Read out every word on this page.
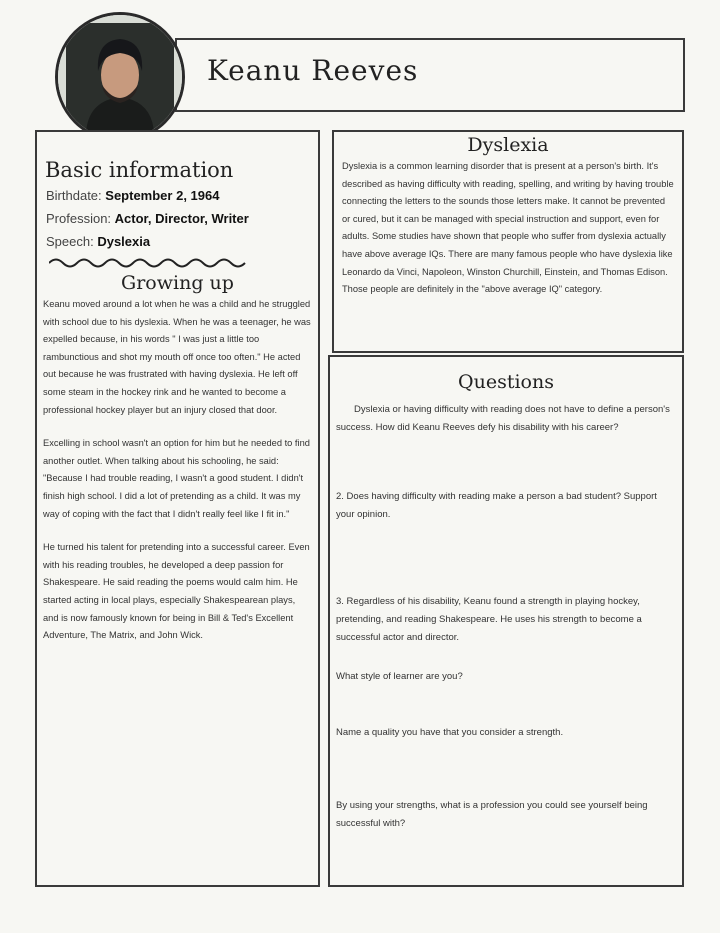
Keanu Reeves
Basic information

Birthdate: September 2, 1964

Profession: Actor, Director, Writer

Speech: Dyslexia

Growing up

Keanu moved around a lot when he was a child and he struggled with school due to his dyslexia. When he was a teenager, he was expelled because, in his words " I was just a little too rambunctious and shot my mouth off once too often." He acted out because he was frustrated with having dyslexia. He left off some steam in the hockey rink and he wanted to become a professional hockey player but an injury closed that door.

Excelling in school wasn't an option for him but he needed to find another outlet. When talking about his schooling, he said: "Because I had trouble reading, I wasn't a good student. I didn't finish high school. I did a lot of pretending as a child. It was my way of coping with the fact that I didn't really feel like I fit in."

He turned his talent for pretending into a successful career. Even with his reading troubles, he developed a deep passion for Shakespeare. He said reading the poems would calm him. He started acting in local plays, especially Shakespearean plays, and is now famously known for being in Bill & Ted's Excellent Adventure, The Matrix, and John Wick.

Dyslexia

Dyslexia is a common learning disorder that is present at a person's birth. It's described as having difficulty with reading, spelling, and writing by having trouble connecting the letters to the sounds those letters make. It cannot be prevented or cured, but it can be managed with special instruction and support, even for adults. Some studies have shown that people who suffer from dyslexia actually have above average IQs. There are many famous people who have dyslexia like Leonardo da Vinci, Napoleon, Winston Churchill, Einstein, and Thomas Edison. Those people are definitely in the "above average IQ" category.

Questions

Dyslexia or having difficulty with reading does not have to define a person's success. How did Keanu Reeves defy his disability with his career?

2. Does having difficulty with reading make a person a bad student? Support your opinion.

3. Regardless of his disability, Keanu found a strength in playing hockey, pretending, and reading Shakespeare. He uses his strength to become a successful actor and director.

What style of learner are you?

Name a quality you have that you consider a strength.

By using your strengths, what is a profession you could see yourself being successful with?
